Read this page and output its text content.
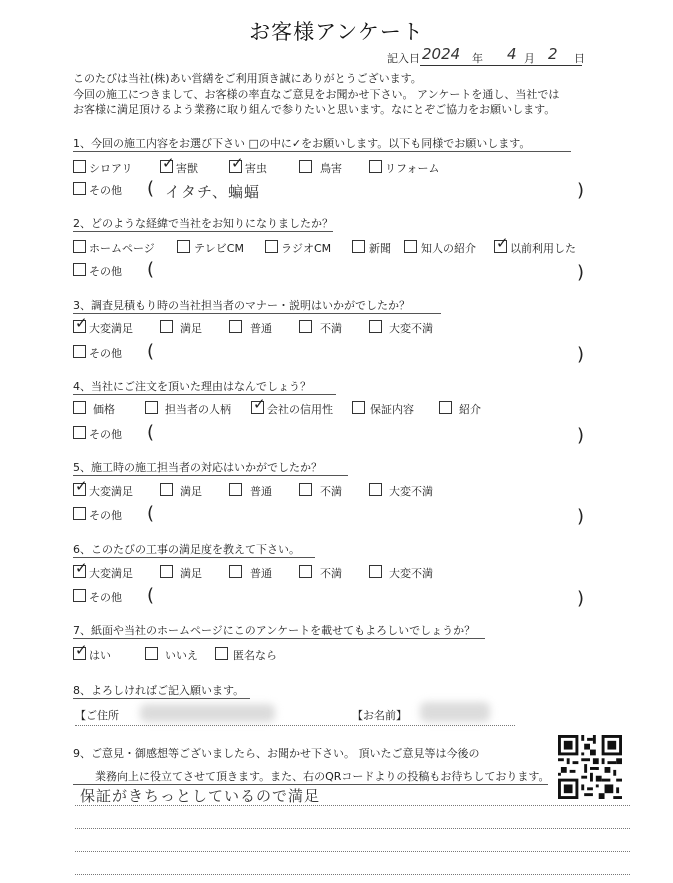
お客様アンケート
記入日 2024 年 4 月 2 日
このたびは当社(株)あい営繕をご利用頂き誠にありがとうございます。
今回の施工につきまして、お客様の率直なご意見をお聞かせ下さい。 アンケートを通し、当社では
お客様に満足頂けるよう業務に取り組んで参りたいと思います。なにとぞご協力をお願いします。
1、今回の施工内容をお選び下さい □の中に✓をお願いします。以下も同様でお願いします。
シロアリ ✓ 害獣 ✓ 害虫	鳥害	リフォーム
その他 ( イタチ、蝙蝠	)
2、どのような経緯で当社をお知りになりましたか？
ホームページ	テレビCM	ラジオCM	新聞	知人の紹介 ✓ 以前利用した
その他 (	)
3、調査見積もり時の当社担当者のマナー・説明はいかがでしたか？
✓ 大変満足	満足	普通	不満	大変不満
その他 (	)
4、当社にご注文を頂いた理由はなんでしょう？
価格	担当者の人柄 ✓ 会社の信用性	保証内容	紹介
その他 (	)
5、施工時の施工担当者の対応はいかがでしたか？
✓ 大変満足	満足	普通	不満	大変不満
その他 (	)
6、このたびの工事の満足度を教えて下さい。
✓ 大変満足	満足	普通	不満	大変不満
その他 (	)
7、紙面や当社のホームページにこのアンケートを載せてもよろしいでしょうか？
✓ はい	いいえ	匿名なら
8、よろしければご記入願います。
【ご住所	【お名前】
9、ご意見・御感想等ございましたら、お聞かせ下さい。 頂いたご意見等は今後の
業務向上に役立てさせて頂きます。また、右のQRコードよりの投稿もお待ちしております。
保証がきちっとしているので満足
